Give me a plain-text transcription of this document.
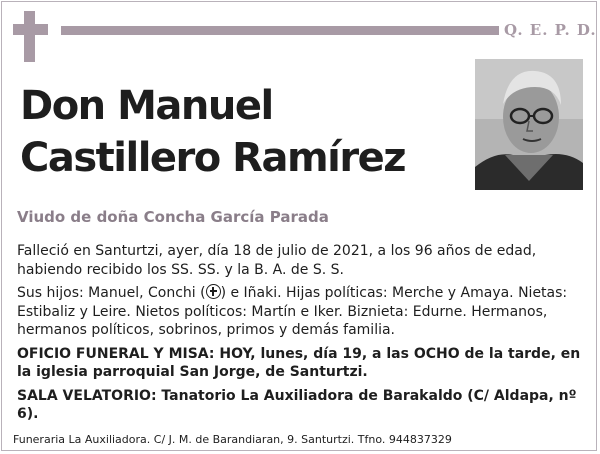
Q. E. P. D.
Don Manuel
Castillero Ramírez
Viudo de doña Concha García Parada

Falleció en Santurtzi, ayer, día 18 de julio de 2021, a los 96 años de edad, habiendo recibido los SS. SS. y la B. A. de S. S.

Sus hijos: Manuel, Conchi ( ) e Iñaki. Hijas políticas: Merche y Amaya. Nietas: Estibaliz y Leire. Nietos políticos: Martín e Iker. Biznieta: Edurne. Hermanos, hermanos políticos, sobrinos, primos y demás familia.

OFICIO FUNERAL Y MISA: HOY, lunes, día 19, a las OCHO de la tarde, en la iglesia parroquial San Jorge, de Santurtzi.

SALA VELATORIO: Tanatorio La Auxiliadora de Barakaldo (C/ Aldapa, nº 6).

Funeraria La Auxiliadora. C/ J. M. de Barandiaran, 9. Santurtzi. Tfno. 944837329
